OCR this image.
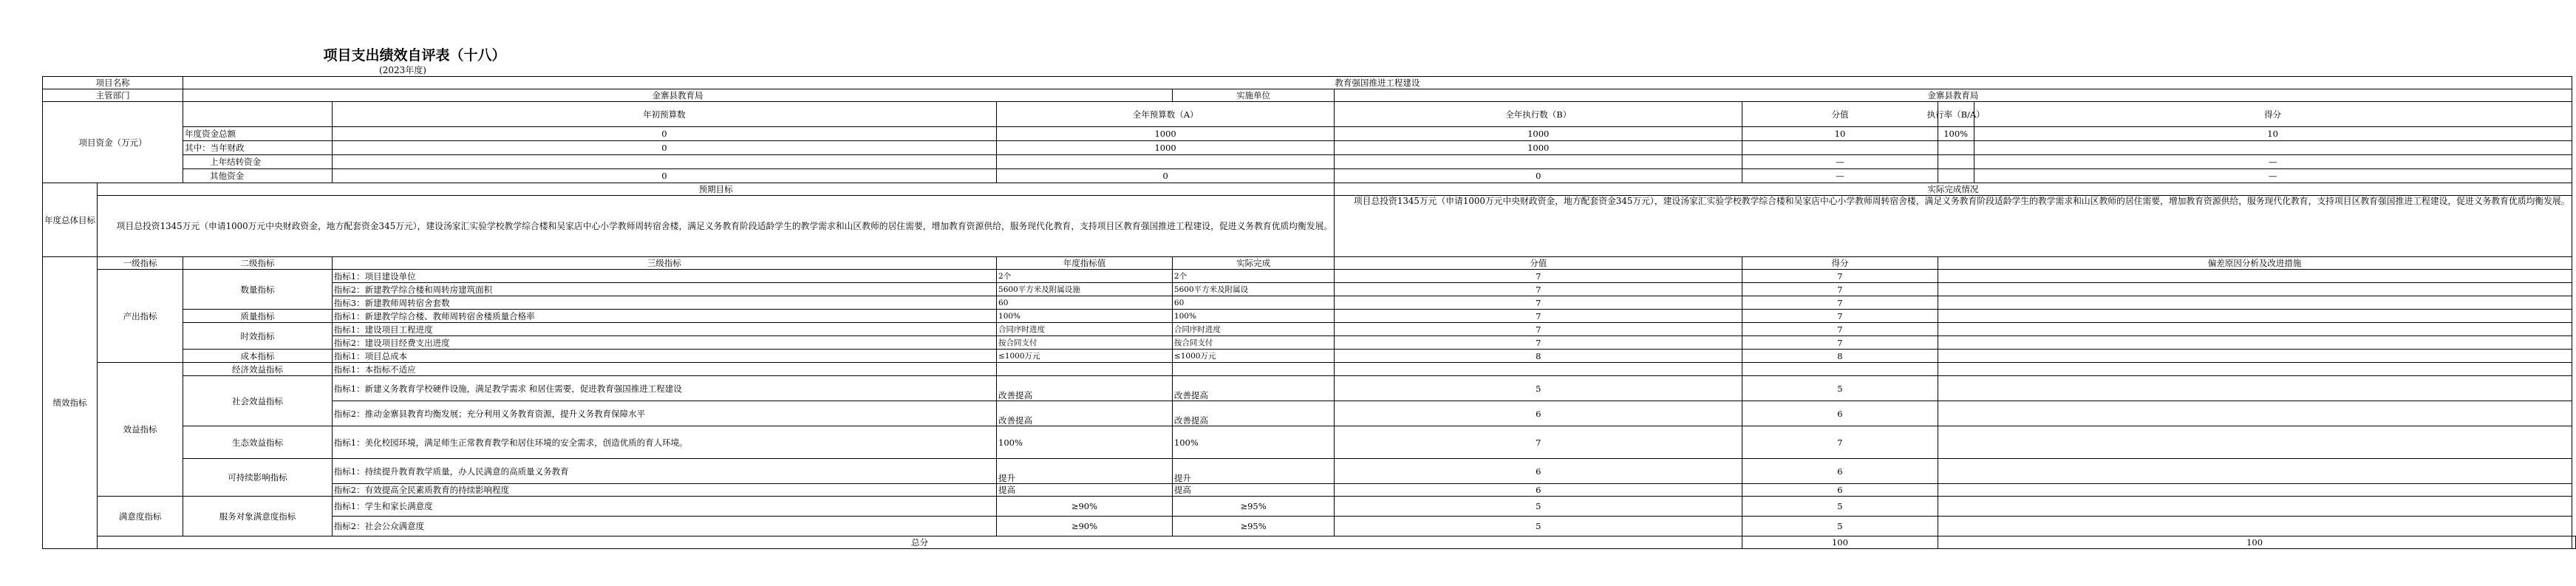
项目支出绩效自评表（十八）
(2023年度)
项目名称		教育强国推进工程建设							
主管部门		金寨县教育局			实施单位	金寨县教育局			
项目资金（万元）			年初预算数	全年预算数（A）		全年执行数（B）	分值	执行率（B/A） 得分	

		年度资金总额	0	1000		1000	10	100% 10	

		其中：当年财政	0	1000		1000			

		上年结转资金					—	—	

		其他资金	0	0		0	—	—	

年度总体目标	预期目标					实际完成情况			
	项目总投资1345万元（申请1000万元中央财政资金，地方配套资金345万元），建设汤家汇实验学校教学综合楼和吴家店中心小学教师周转宿舍楼，满足义务教育阶段适龄学生的教学需求和山区教师的居住需要，增加教育资源供给，服务现代化教育，支持项目区教育强国推进工程建设，促进义务教育优质均衡发展。					项目总投资1345万元（申请1000万元中央财政资金，地方配套资金345万元），建设汤家汇实验学校教学综合楼和吴家店中心小学教师周转宿舍楼，满足义务教育阶段适龄学生的教学需求和山区教师的居住需要，增加教育资源供给，服务现代化教育，支持项目区教育强国推进工程建设，促进义务教育优质均衡发展。			

绩效指标	一级指标	二级指标	三级指标	年度指标值	实际完成	分值	得分	偏差原因分析及改进措施	
	产出指标	数量指标	指标1：项目建设单位	2个	2个	7	7		
			指标2：新建教学综合楼和周转房建筑面积	5600平方米及附属设施	5600平方米及附属设	7	7		
			指标3：新建教师周转宿舍套数	60	60	7	7		
		质量指标	指标1：新建教学综合楼、教师周转宿舍楼质量合格率	100%	100%	7	7		
		时效指标	指标1：建设项目工程进度	合同序时进度	合同序时进度	7	7		
			指标2：建设项目经费支出进度	按合同支付	按合同支付	7	7		
		成本指标	指标1：项目总成本	≤1000万元	≤1000万元	8	8		
	效益指标	经济效益指标	指标1：本指标不适应						
		社会效益指标	指标1：新建义务教育学校硬件设施，满足教学需求 和居住需要，促进教育强国推进工程建设	改善提高	改善提高	5	5		
			指标2：推动金寨县教育均衡发展；充分利用义务教育资源，提升义务教育保障水平	改善提高	改善提高	6	6		
		生态效益指标	指标1：美化校园环境，满足师生正常教育教学和居住环境的安全需求，创造优质的育人环境。	100%	100%	7	7		
		可持续影响指标	指标1：持续提升教育教学质量，办人民满意的高质量义务教育	提升	提升	6	6		
			指标2：有效提高全民素质教育的持续影响程度	提高	提高	6	6		
	满意度指标	服务对象满意度指标	指标1：学生和家长满意度	≥90%	≥95%	5	5		
			指标2：社会公众满意度	≥90%	≥95%	5	5		
	总分						100	100	
